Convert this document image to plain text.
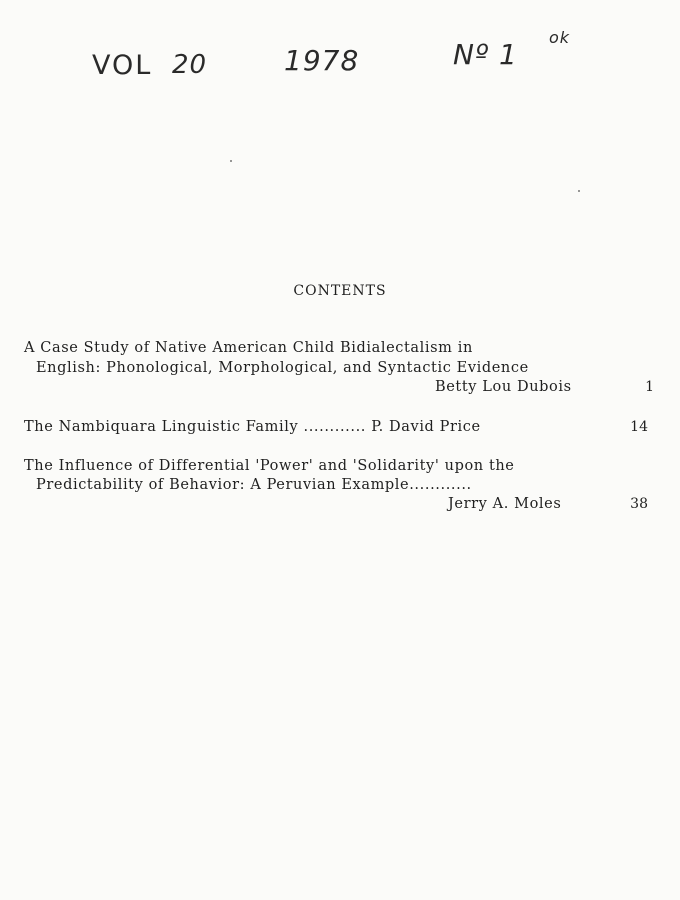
VOL 20	1978	Nº 1
ok
CONTENTS
A Case Study of Native American Child Bidialectalism in
English: Phonological, Morphological, and Syntactic Evidence
Betty Lou Dubois	1
The Nambiquara Linguistic Family ............ P. David Price	14
The Influence of Differential 'Power' and 'Solidarity' upon the
Predictability of Behavior: A Peruvian Example............
Jerry A. Moles	38
